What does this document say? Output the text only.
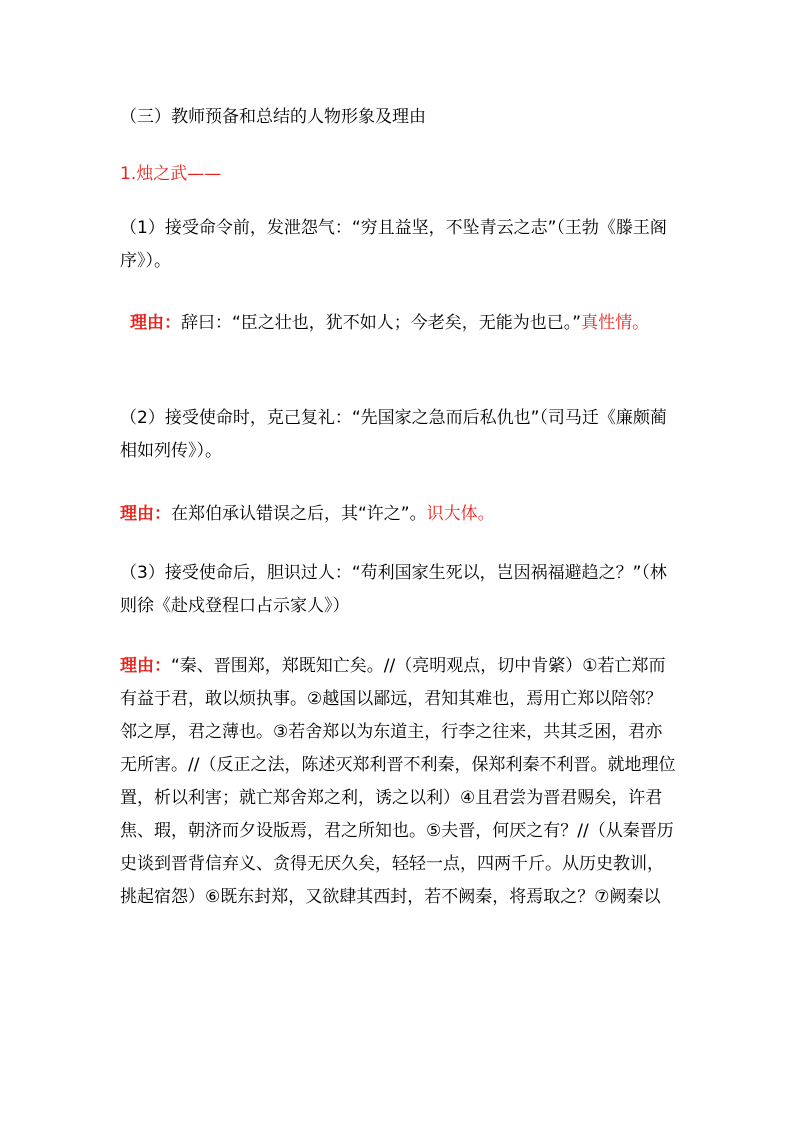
（三）教师预备和总结的人物形象及理由

1.烛之武——

（1）接受命令前，发泄怨气：“穷且益坚，不坠青云之志”（王勃《滕王阁序》）。

理由：辞曰：“臣之壮也，犹不如人；今老矣，无能为也已。”真性情。

（2）接受使命时，克己复礼：“先国家之急而后私仇也”（司马迁《廉颇蔺相如列传》）。

理由：在郑伯承认错误之后，其“许之”。识大体。

（3）接受使命后，胆识过人：“苟利国家生死以，岂因祸福避趋之？”（林则徐《赴戍登程口占示家人》）

理由：“秦、晋围郑，郑既知亡矣。//（亮明观点，切中肯綮）①若亡郑而有益于君，敢以烦执事。②越国以鄙远，君知其难也，焉用亡郑以陪邻？邻之厚，君之薄也。③若舍郑以为东道主，行李之往来，共其乏困，君亦无所害。//（反正之法，陈述灭郑利晋不利秦，保郑利秦不利晋。就地理位置，析以利害；就亡郑舍郑之利，诱之以利）④且君尝为晋君赐矣，许君焦、瑕，朝济而夕设版焉，君之所知也。⑤夫晋，何厌之有？//（从秦晋历史谈到晋背信弃义、贪得无厌久矣，轻轻一点，四两千斤。从历史教训，挑起宿怨）⑥既东封郑，又欲肆其西封，若不阙秦，将焉取之？⑦阙秦以
